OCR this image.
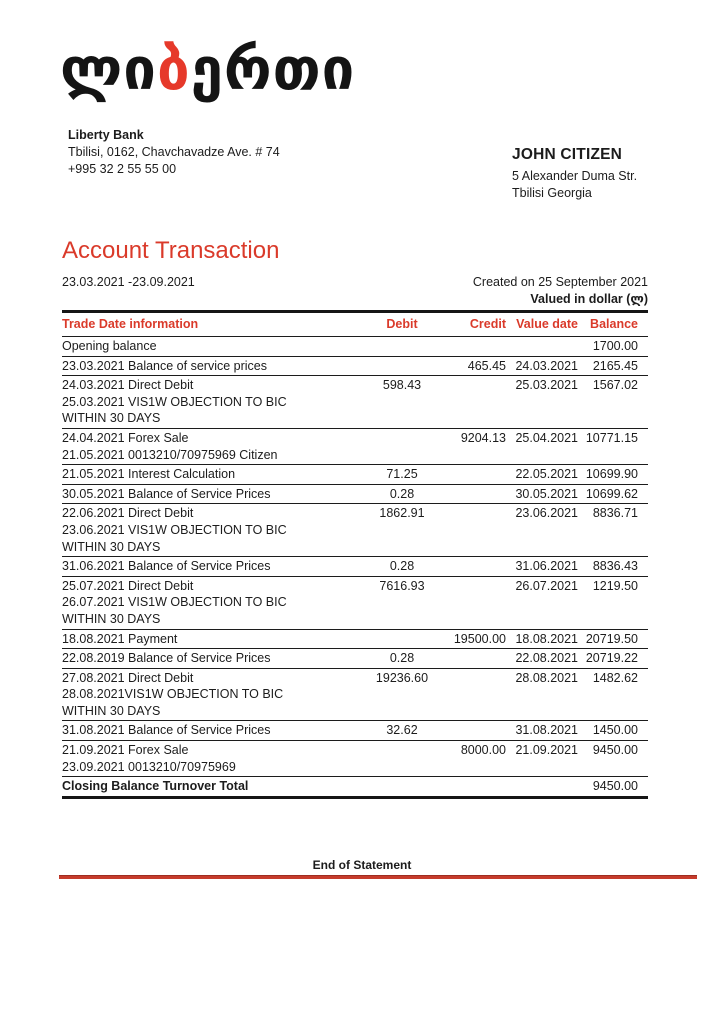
ლიბერთი
Liberty Bank
Tbilisi, 0162, Chavchavadze Ave. # 74
+995 32 2 55 55 00
JOHN CITIZEN
5 Alexander Duma Str.
Tbilisi Georgia
Account Transaction
23.03.2021 -23.09.2021	Created on 25 September 2021
Valued in dollar (ლ)
Trade Date information	Debit	Credit	Value date	Balance

Opening balance				1700.00

23.03.2021 Balance of service prices		465.45	24.03.2021	2165.45

24.03.2021 Direct Debit
25.03.2021 VIS1W OBJECTION TO BIC
WITHIN 30 DAYS	598.43		25.03.2021	1567.02

24.04.2021 Forex Sale
21.05.2021 0013210/70975969 Citizen		9204.13	25.04.2021	10771.15

21.05.2021 Interest Calculation	71.25		22.05.2021	10699.90

30.05.2021 Balance of Service Prices	0.28		30.05.2021	10699.62

22.06.2021 Direct Debit
23.06.2021 VIS1W OBJECTION TO BIC
WITHIN 30 DAYS	1862.91		23.06.2021	8836.71

31.06.2021 Balance of Service Prices	0.28		31.06.2021	8836.43

25.07.2021 Direct Debit
26.07.2021 VIS1W OBJECTION TO BIC
WITHIN 30 DAYS	7616.93		26.07.2021	1219.50

18.08.2021 Payment		19500.00	18.08.2021	20719.50

22.08.2019 Balance of Service Prices	0.28		22.08.2021	20719.22

27.08.2021 Direct Debit
28.08.2021VIS1W OBJECTION TO BIC
WITHIN 30 DAYS	19236.60		28.08.2021	1482.62

31.08.2021 Balance of Service Prices	32.62		31.08.2021	1450.00

21.09.2021 Forex Sale
23.09.2021 0013210/70975969		8000.00	21.09.2021	9450.00
Closing Balance Turnover Total				9450.00
End of Statement
